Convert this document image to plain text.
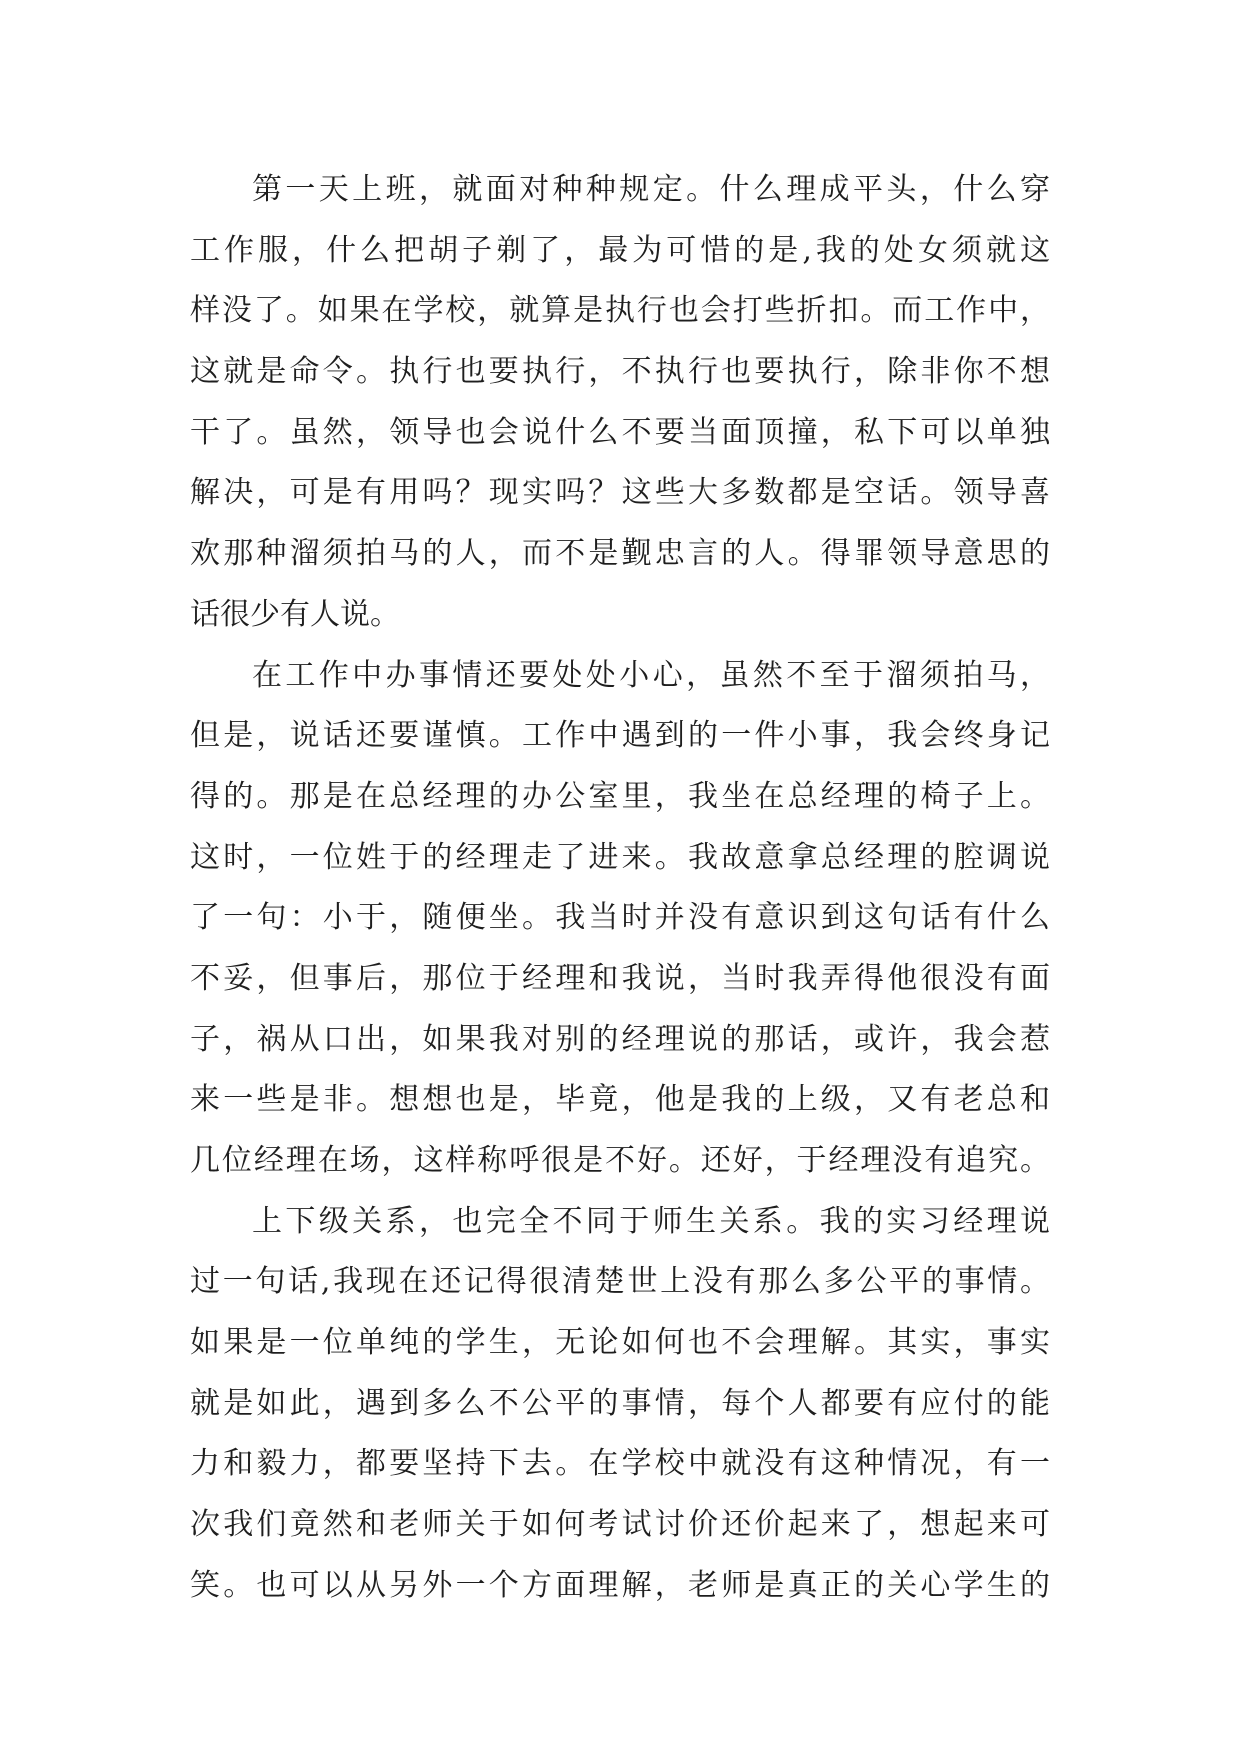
第一天上班，就面对种种规定。什么理成平头，什么穿
工作服，什么把胡子剃了，最为可惜的是,我的处女须就这
样没了。如果在学校，就算是执行也会打些折扣。而工作中，
这就是命令。执行也要执行，不执行也要执行，除非你不想
干了。虽然，领导也会说什么不要当面顶撞，私下可以单独
解决，可是有用吗？现实吗？这些大多数都是空话。领导喜
欢那种溜须拍马的人，而不是觐忠言的人。得罪领导意思的
话很少有人说。
在工作中办事情还要处处小心，虽然不至于溜须拍马，
但是，说话还要谨慎。工作中遇到的一件小事，我会终身记
得的。那是在总经理的办公室里，我坐在总经理的椅子上。
这时，一位姓于的经理走了进来。我故意拿总经理的腔调说
了一句：小于，随便坐。我当时并没有意识到这句话有什么
不妥，但事后，那位于经理和我说，当时我弄得他很没有面
子，祸从口出，如果我对别的经理说的那话，或许，我会惹
来一些是非。想想也是，毕竟，他是我的上级，又有老总和
几位经理在场，这样称呼很是不好。还好，于经理没有追究。
上下级关系，也完全不同于师生关系。我的实习经理说
过一句话,我现在还记得很清楚世上没有那么多公平的事情。
如果是一位单纯的学生，无论如何也不会理解。其实，事实
就是如此，遇到多么不公平的事情，每个人都要有应付的能
力和毅力，都要坚持下去。在学校中就没有这种情况，有一
次我们竟然和老师关于如何考试讨价还价起来了，想起来可
笑。也可以从另外一个方面理解，老师是真正的关心学生的
